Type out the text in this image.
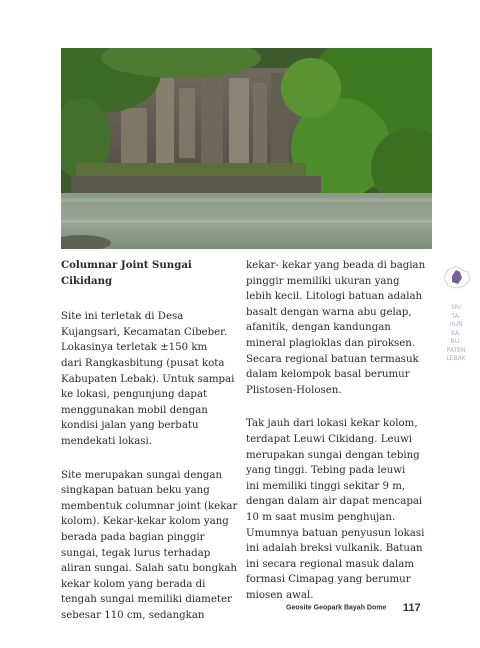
Columnar Joint Sungai Cikidang
Site ini terletak di Desa
Kujangsari, Kecamatan Cibeber.
Lokasinya terletak ±150 km
dari Rangkasbitung (pusat kota
Kabupaten Lebak). Untuk sampai
ke lokasi, pengunjung dapat
menggunakan mobil dengan
kondisi jalan yang berbatu
mendekati lokasi.
Site merupakan sungai dengan
singkapan batuan beku yang
membentuk columnar joint (kekar
kolom). Kekar-kekar kolom yang
berada pada bagian pinggir
sungai, tegak lurus terhadap
aliran sungai. Salah satu bongkah
kekar kolom yang berada di
tengah sungai memiliki diameter
sebesar 110 cm, sedangkan
kekar- kekar yang beada di bagian
pinggir memiliki ukuran yang
lebih kecil. Litologi batuan adalah
basalt dengan warna abu gelap,
afanitik, dengan kandungan
mineral plagioklas dan piroksen.
Secara regional batuan termasuk
dalam kelompok basal berumur
Plistosen-Holosen.
Tak jauh dari lokasi kekar kolom,
terdapat Leuwi Cikidang. Leuwi
merupakan sungai dengan tebing
yang tinggi. Tebing pada leuwi
ini memiliki tinggi sekitar 9 m,
dengan dalam air dapat mencapai
10 m saat musim penghujan.
Umumnya batuan penyusun lokasi
ini adalah breksi vulkanik. Batuan
ini secara regional masuk dalam
formasi Cimapag yang berumur
miosen awal.
SRI
TA-
HUN
KA-
BU-
PATEN
LEBAK
Geosite Geopark Bayah Dome 117
